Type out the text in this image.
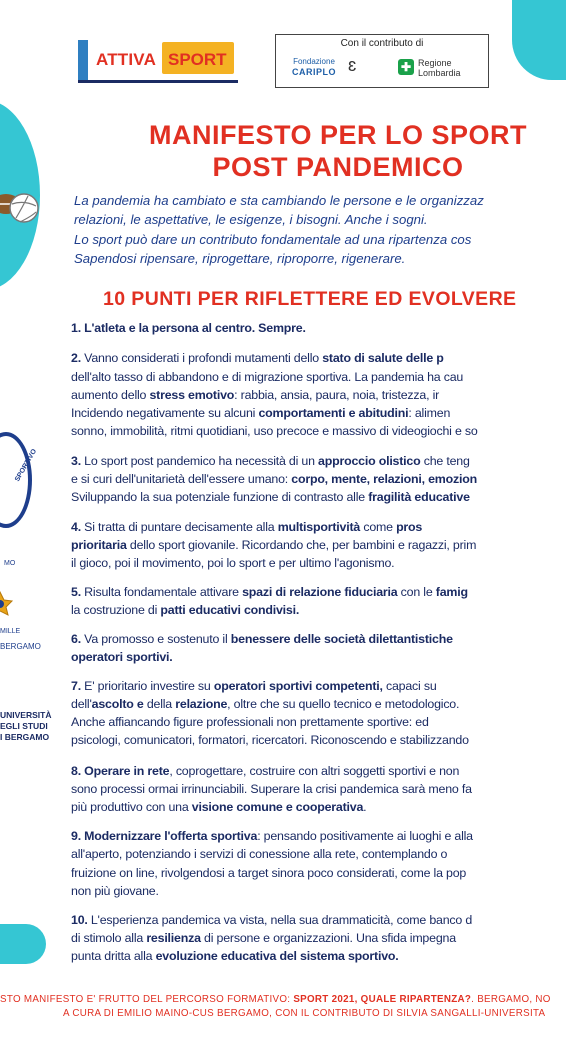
ATTIVA SPORT
Con il contributo di
Fondazione
CARIPLO ɛ	✚ Regione
Lombardia
SPORTIVO
MO
MILLE
BERGAMO
UNIVERSITÀ
EGLI STUDI
I BERGAMO
MANIFESTO PER LO SPORT
POST PANDEMICO
La pandemia ha cambiato e sta cambiando le persone e le organizzaz
relazioni, le aspettative, le esigenze, i bisogni. Anche i sogni.
Lo sport può dare un contributo fondamentale ad una ripartenza cos
Sapendosi ripensare, riprogettare, riproporre, rigenerare.
10 PUNTI PER RIFLETTERE ED EVOLVERE
1. L'atleta e la persona al centro. Sempre.
2. Vanno considerati i profondi mutamenti dello stato di salute delle p
dell'alto tasso di abbandono e di migrazione sportiva. La pandemia ha cau
aumento dello stress emotivo: rabbia, ansia, paura, noia, tristezza, ir
Incidendo negativamente su alcuni comportamenti e abitudini: alimen
sonno, immobilità, ritmi quotidiani, uso precoce e massivo di videogiochi e so
3. Lo sport post pandemico ha necessità di un approccio olistico che teng
e si curi dell'unitarietà dell'essere umano: corpo, mente, relazioni, emozion
Sviluppando la sua potenziale funzione di contrasto alle fragilità educative
4. Si tratta di puntare decisamente alla multisportività come pros
prioritaria dello sport giovanile. Ricordando che, per bambini e ragazzi, prim
il gioco, poi il movimento, poi lo sport e per ultimo l'agonismo.
5. Risulta fondamentale attivare spazi di relazione fiduciaria con le famig
la costruzione di patti educativi condivisi.
6. Va promosso e sostenuto il benessere delle società dilettantistiche
operatori sportivi.
7. E' prioritario investire su operatori sportivi competenti, capaci su
dell'ascolto e della relazione, oltre che su quello tecnico e metodologico.
Anche affiancando figure professionali non prettamente sportive: ed
psicologi, comunicatori, formatori, ricercatori. Riconoscendo e stabilizzando
8. Operare in rete, coprogettare, costruire con altri soggetti sportivi e non
sono processi ormai irrinunciabili. Superare la crisi pandemica sarà meno fa
più produttivo con una visione comune e cooperativa.
9. Modernizzare l'offerta sportiva: pensando positivamente ai luoghi e alla
all'aperto, potenziando i servizi di conessione alla rete, contemplando o
fruizione on line, rivolgendosi a target sinora poco considerati, come la pop
non più giovane.
10. L'esperienza pandemica va vista, nella sua drammaticità, come banco d
di stimolo alla resilienza di persone e organizzazioni. Una sfida impegna
punta dritta alla evoluzione educativa del sistema sportivo.
STO MANIFESTO E' FRUTTO DEL PERCORSO FORMATIVO: SPORT 2021, QUALE RIPARTENZA?. BERGAMO, NO
A CURA DI EMILIO MAINO-CUS BERGAMO, CON IL CONTRIBUTO DI SILVIA SANGALLI-UNIVERSITA
